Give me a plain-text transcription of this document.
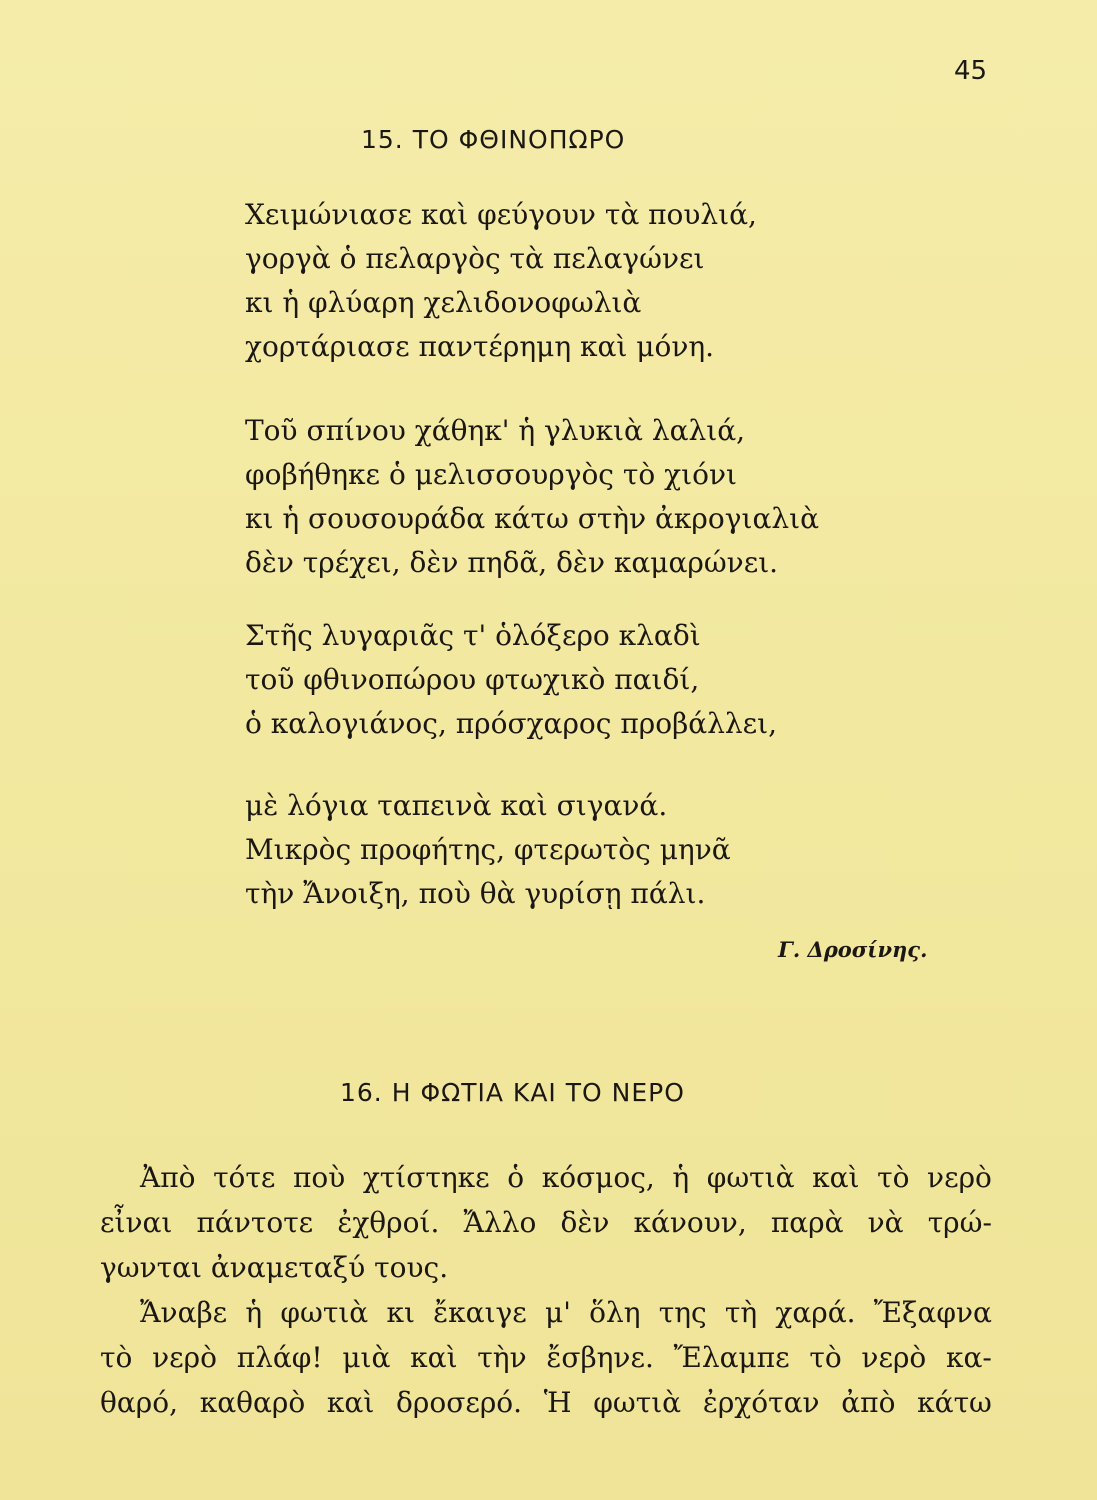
45
15. ΤΟ ΦΘΙΝΟΠΩΡΟ
Χειμώνιασε καὶ φεύγουν τὰ πουλιά,
γοργὰ ὁ πελαργὸς τὰ πελαγώνει
κι ἡ φλύαρη χελιδονοφωλιὰ
χορτάριασε παντέρημη καὶ μόνη.
Τοῦ σπίνου χάθηκ' ἡ γλυκιὰ λαλιά,
φοβήθηκε ὁ μελισσουργὸς τὸ χιόνι
κι ἡ σουσουράδα κάτω στὴν ἀκρογιαλιὰ
δὲν τρέχει, δὲν πηδᾶ, δὲν καμαρώνει.
Στῆς λυγαριᾶς τ' ὁλόξερο κλαδὶ
τοῦ φθινοπώρου φτωχικὸ παιδί,
ὁ καλογιάνος, πρόσχαρος προβάλλει,
μὲ λόγια ταπεινὰ καὶ σιγανά.
Μικρὸς προφήτης, φτερωτὸς μηνᾶ
τὴν Ἄνοιξη, ποὺ θὰ γυρίσῃ πάλι.
Γ. Δροσίνης.
16. Η ΦΩΤΙΑ ΚΑΙ ΤΟ ΝΕΡΟ
Ἀπὸ τότε ποὺ χτίστηκε ὁ κόσμος, ἡ φωτιὰ καὶ τὸ νερὸ
εἶναι πάντοτε ἐχθροί. Ἄλλο δὲν κάνουν, παρὰ νὰ τρώ-
γωνται ἀναμεταξύ τους.
Ἄναβε ἡ φωτιὰ κι ἔκαιγε μ' ὅλη της τὴ χαρά. Ἔξαφνα
τὸ νερὸ πλάφ! μιὰ καὶ τὴν ἔσβηνε. Ἔλαμπε τὸ νερὸ κα-
θαρό, καθαρὸ καὶ δροσερό. Ἡ φωτιὰ ἐρχόταν ἀπὸ κάτω
